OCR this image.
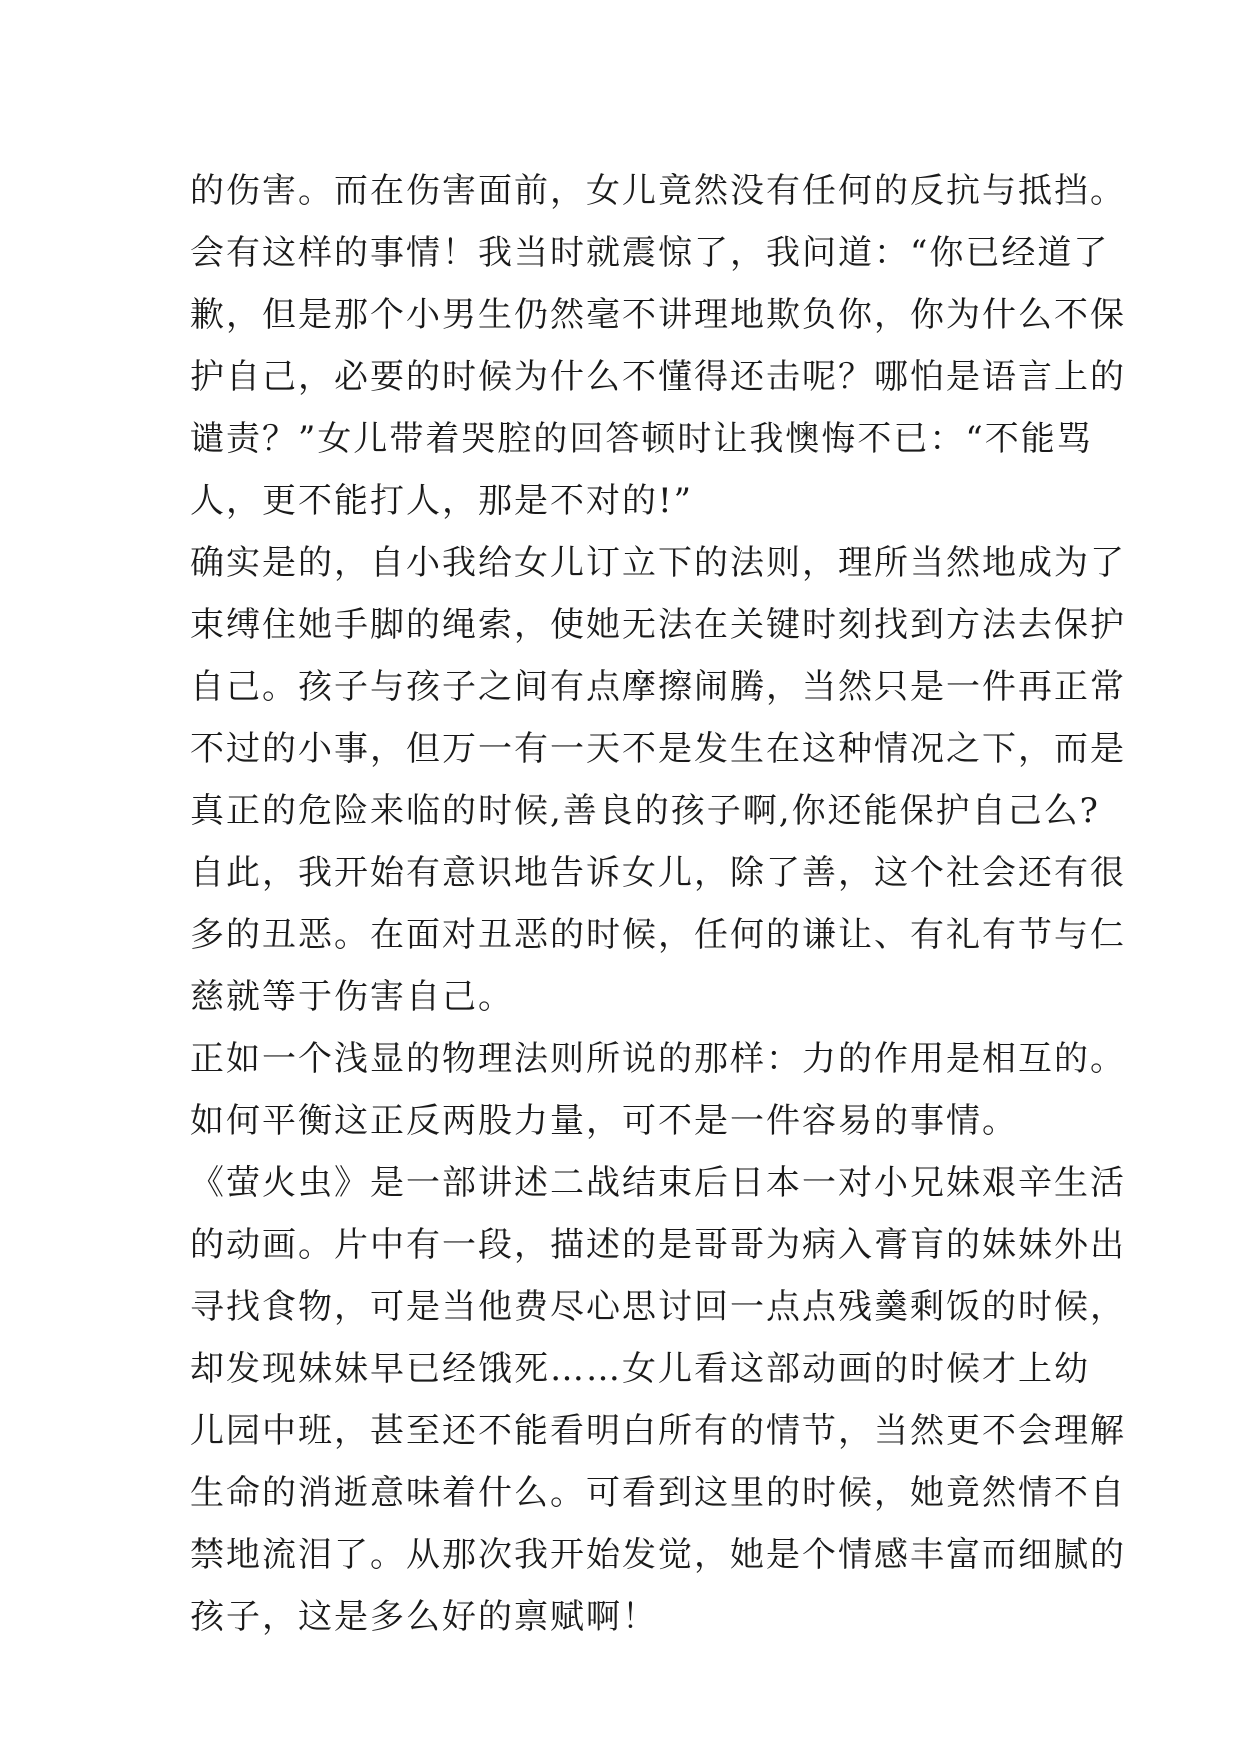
的伤害。而在伤害面前，女儿竟然没有任何的反抗与抵挡。
会有这样的事情！我当时就震惊了，我问道：“你已经道了
歉，但是那个小男生仍然毫不讲理地欺负你，你为什么不保
护自己，必要的时候为什么不懂得还击呢？哪怕是语言上的
谴责？”女儿带着哭腔的回答顿时让我懊悔不已：“不能骂
人，更不能打人，那是不对的!”
确实是的，自小我给女儿订立下的法则，理所当然地成为了
束缚住她手脚的绳索，使她无法在关键时刻找到方法去保护
自己。孩子与孩子之间有点摩擦闹腾，当然只是一件再正常
不过的小事，但万一有一天不是发生在这种情况之下，而是
真正的危险来临的时候,善良的孩子啊,你还能保护自己么?
自此，我开始有意识地告诉女儿，除了善，这个社会还有很
多的丑恶。在面对丑恶的时候，任何的谦让、有礼有节与仁
慈就等于伤害自己。
正如一个浅显的物理法则所说的那样：力的作用是相互的。
如何平衡这正反两股力量，可不是一件容易的事情。
《萤火虫》是一部讲述二战结束后日本一对小兄妹艰辛生活
的动画。片中有一段，描述的是哥哥为病入膏肓的妹妹外出
寻找食物，可是当他费尽心思讨回一点点残羹剩饭的时候，
却发现妹妹早已经饿死……女儿看这部动画的时候才上幼
儿园中班，甚至还不能看明白所有的情节，当然更不会理解
生命的消逝意味着什么。可看到这里的时候，她竟然情不自
禁地流泪了。从那次我开始发觉，她是个情感丰富而细腻的
孩子，这是多么好的禀赋啊！
